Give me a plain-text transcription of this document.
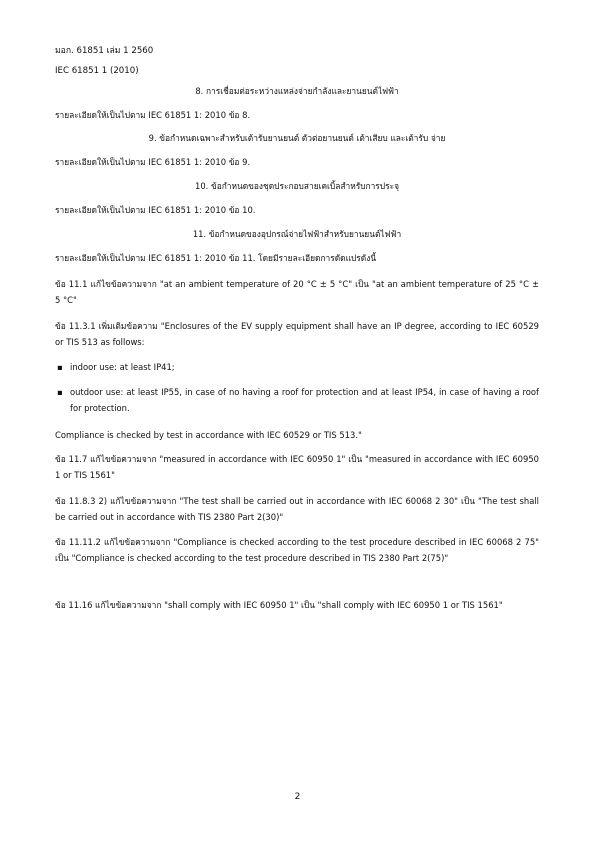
มอก. 61851 เล่ม 1 2560
IEC 61851 1 (2010)
8. การเชื่อมต่อระหว่างแหล่งจ่ายกำลังและยานยนต์ไฟฟ้า
รายละเอียดให้เป็นไปตาม IEC 61851 1: 2010 ข้อ 8.
9. ข้อกำหนดเฉพาะสำหรับเต้ารับยานยนต์ ตัวต่อยานยนต์ เต้าเสียบ และเต้ารับ จ่าย
รายละเอียดให้เป็นไปตาม IEC 61851 1: 2010 ข้อ 9.
10. ข้อกำหนดของชุดประกอบสายเคเบิ้ลสำหรับการประจุ
รายละเอียดให้เป็นไปตาม IEC 61851 1: 2010 ข้อ 10.
11. ข้อกำหนดของอุปกรณ์จ่ายไฟฟ้าสำหรับยานยนต์ไฟฟ้า
รายละเอียดให้เป็นไปตาม IEC 61851 1: 2010 ข้อ 11. โดยมีรายละเอียดการดัดแปรดังนี้
ข้อ 11.1 แก้ไขข้อความจาก "at an ambient temperature of 20 °C ± 5 °C" เป็น "at an ambient temperature of 25 °C ± 5 °C"
ข้อ 11.3.1 เพิ่มเติมข้อความ "Enclosures of the EV supply equipment shall have an IP degree, according to IEC 60529 or TIS 513 as follows:
▪ indoor use: at least IP41;
▪ outdoor use: at least IP55, in case of no having a roof for protection and at least IP54, in case of having a roof for protection.
Compliance is checked by test in accordance with IEC 60529 or TIS 513."
ข้อ 11.7 แก้ไขข้อความจาก "measured in accordance with IEC 60950 1" เป็น "measured in accordance with IEC 60950 1 or TIS 1561"
ข้อ 11.8.3 2) แก้ไขข้อความจาก "The test shall be carried out in accordance with IEC 60068 2 30" เป็น "The test shall be carried out in accordance with TIS 2380 Part 2(30)"
ข้อ 11.11.2 แก้ไขข้อความจาก "Compliance is checked according to the test procedure described in IEC 60068 2 75" เป็น "Compliance is checked according to the test procedure described in TIS 2380 Part 2(75)"
ข้อ 11.16 แก้ไขข้อความจาก "shall comply with IEC 60950 1" เป็น "shall comply with IEC 60950 1 or TIS 1561"
2
